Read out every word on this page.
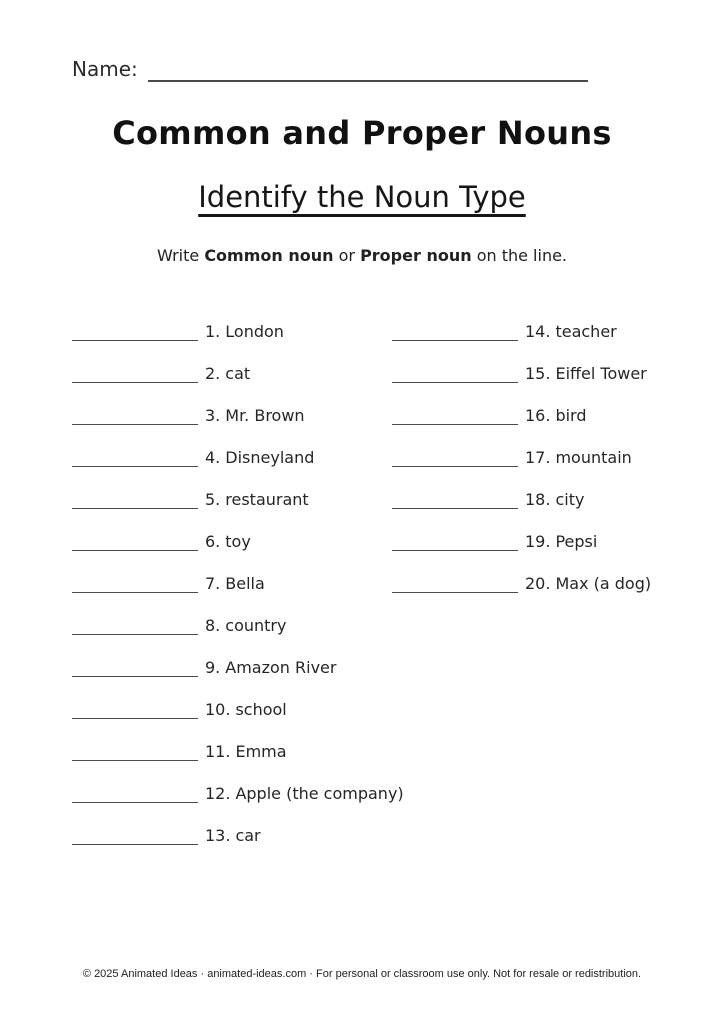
Name:
Common and Proper Nouns
Identify the Noun Type

Write Common noun or Proper noun on the line.

1. London
2. cat
3. Mr. Brown
4. Disneyland
5. restaurant
6. toy
7. Bella
8. country
9. Amazon River
10. school
11. Emma
12. Apple (the company)
13. car
14. teacher
15. Eiffel Tower
16. bird
17. mountain
18. city
19. Pepsi
20. Max (a dog)
© 2025 Animated Ideas · animated-ideas.com · For personal or classroom use only. Not for resale or redistribution.
